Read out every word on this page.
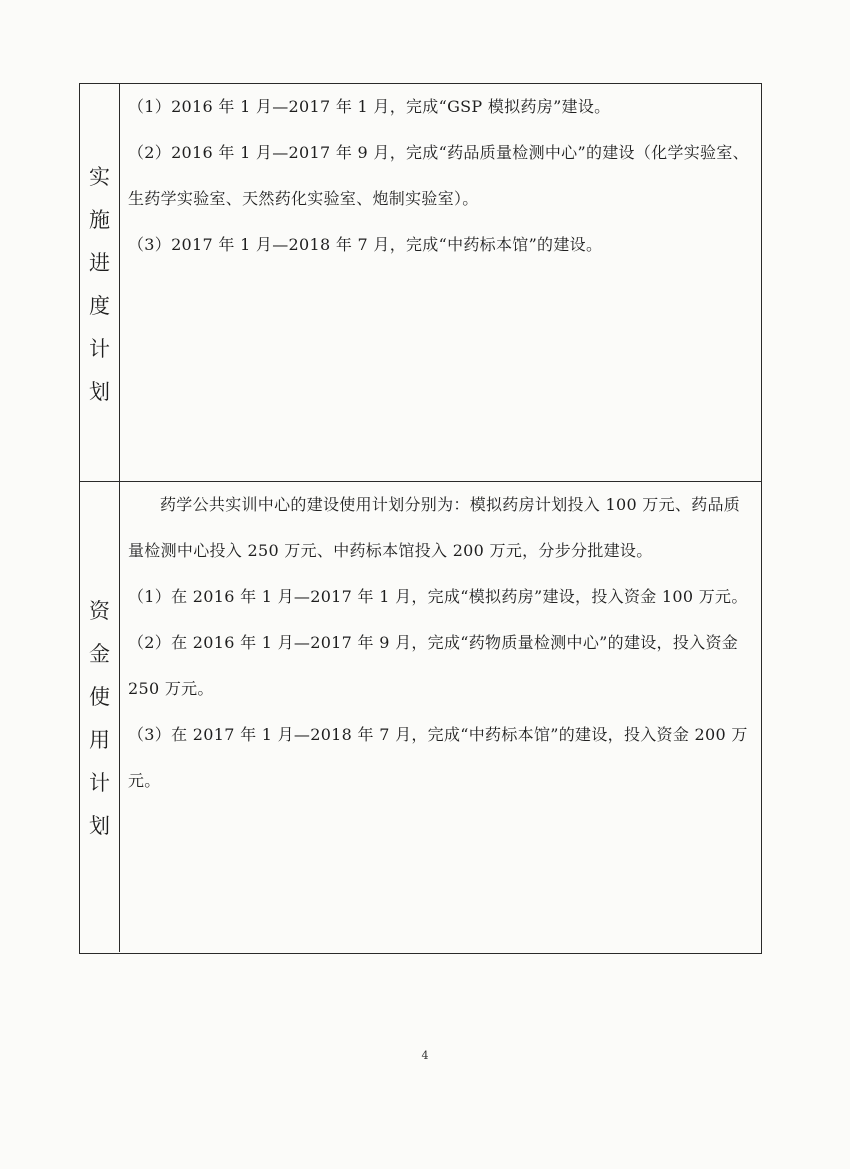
实
施
进
度
计
划

（1）2016 年 1 月—2017 年 1 月，完成“GSP 模拟药房”建设。

（2）2016 年 1 月—2017 年 9 月，完成“药品质量检测中心”的建设（化学实验室、生药学实验室、天然药化实验室、炮制实验室）。

（3）2017 年 1 月—2018 年 7 月，完成“中药标本馆”的建设。

资
金
使
用
计
划

药学公共实训中心的建设使用计划分别为：模拟药房计划投入 100 万元、药品质量检测中心投入 250 万元、中药标本馆投入 200 万元，分步分批建设。

（1）在 2016 年 1 月—2017 年 1 月，完成“模拟药房”建设，投入资金 100 万元。

（2）在 2016 年 1 月—2017 年 9 月，完成“药物质量检测中心”的建设，投入资金 250 万元。

（3）在 2017 年 1 月—2018 年 7 月，完成“中药标本馆”的建设，投入资金 200 万元。

4
